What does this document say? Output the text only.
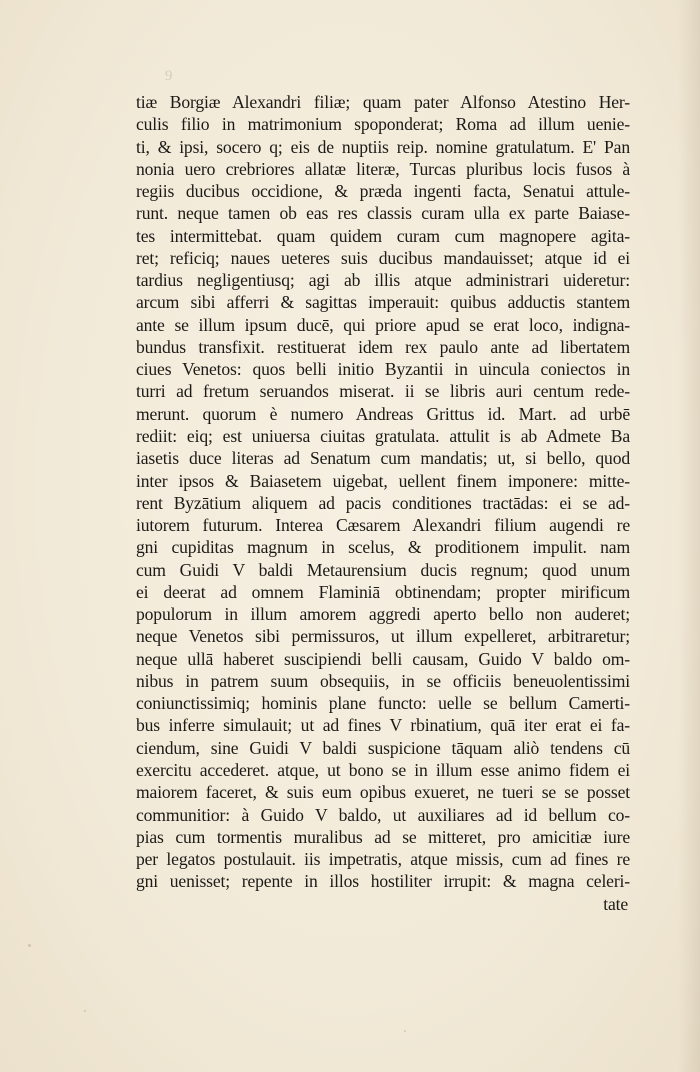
9
tiæ Borgiæ Alexandri filiæ; quam pater Alfonso Atestino Her-
culis filio in matrimonium spoponderat; Roma ad illum uenie-
ti, & ipsi, socero q; eis de nuptiis reip. nomine gratulatum. E' Pan
nonia uero crebriores allatæ literæ, Turcas pluribus locis fusos à
regiis ducibus occidione, & præda ingenti facta, Senatui attule-
runt. neque tamen ob eas res classis curam ulla ex parte Baiase-
tes intermittebat. quam quidem curam cum magnopere agita-
ret; reficiq; naues ueteres suis ducibus mandauisset; atque id ei
tardius negligentiusq; agi ab illis atque administrari uideretur:
arcum sibi afferri & sagittas imperauit: quibus adductis stantem
ante se illum ipsum ducē, qui priore apud se erat loco, indigna-
bundus transfixit. restituerat idem rex paulo ante ad libertatem
ciues Venetos: quos belli initio Byzantii in uincula coniectos in
turri ad fretum seruandos miserat. ii se libris auri centum rede-
merunt. quorum è numero Andreas Grittus id. Mart. ad urbē
rediit: eiq; est uniuersa ciuitas gratulata. attulit is ab Admete Ba
iasetis duce literas ad Senatum cum mandatis; ut, si bello, quod
inter ipsos & Baiasetem uigebat, uellent finem imponere: mitte-
rent Byzātium aliquem ad pacis conditiones tractādas: ei se ad-
iutorem futurum. Interea Cæsarem Alexandri filium augendi re
gni cupiditas magnum in scelus, & proditionem impulit. nam
cum Guidi V baldi Metaurensium ducis regnum; quod unum
ei deerat ad omnem Flaminiā obtinendam; propter mirificum
populorum in illum amorem aggredi aperto bello non auderet;
neque Venetos sibi permissuros, ut illum expelleret, arbitraretur;
neque ullā haberet suscipiendi belli causam, Guido V baldo om-
nibus in patrem suum obsequiis, in se officiis beneuolentissimi
coniunctissimiq; hominis plane functo: uelle se bellum Camerti-
bus inferre simulauit; ut ad fines V rbinatium, quā iter erat ei fa-
ciendum, sine Guidi V baldi suspicione tāquam aliò tendens cū
exercitu accederet. atque, ut bono se in illum esse animo fidem ei
maiorem faceret, & suis eum opibus exueret, ne tueri se se posset
communitior: à Guido V baldo, ut auxiliares ad id bellum co-
pias cum tormentis muralibus ad se mitteret, pro amicitiæ iure
per legatos postulauit. iis impetratis, atque missis, cum ad fines re
gni uenisset; repente in illos hostiliter irrupit: & magna celeri-
tate
